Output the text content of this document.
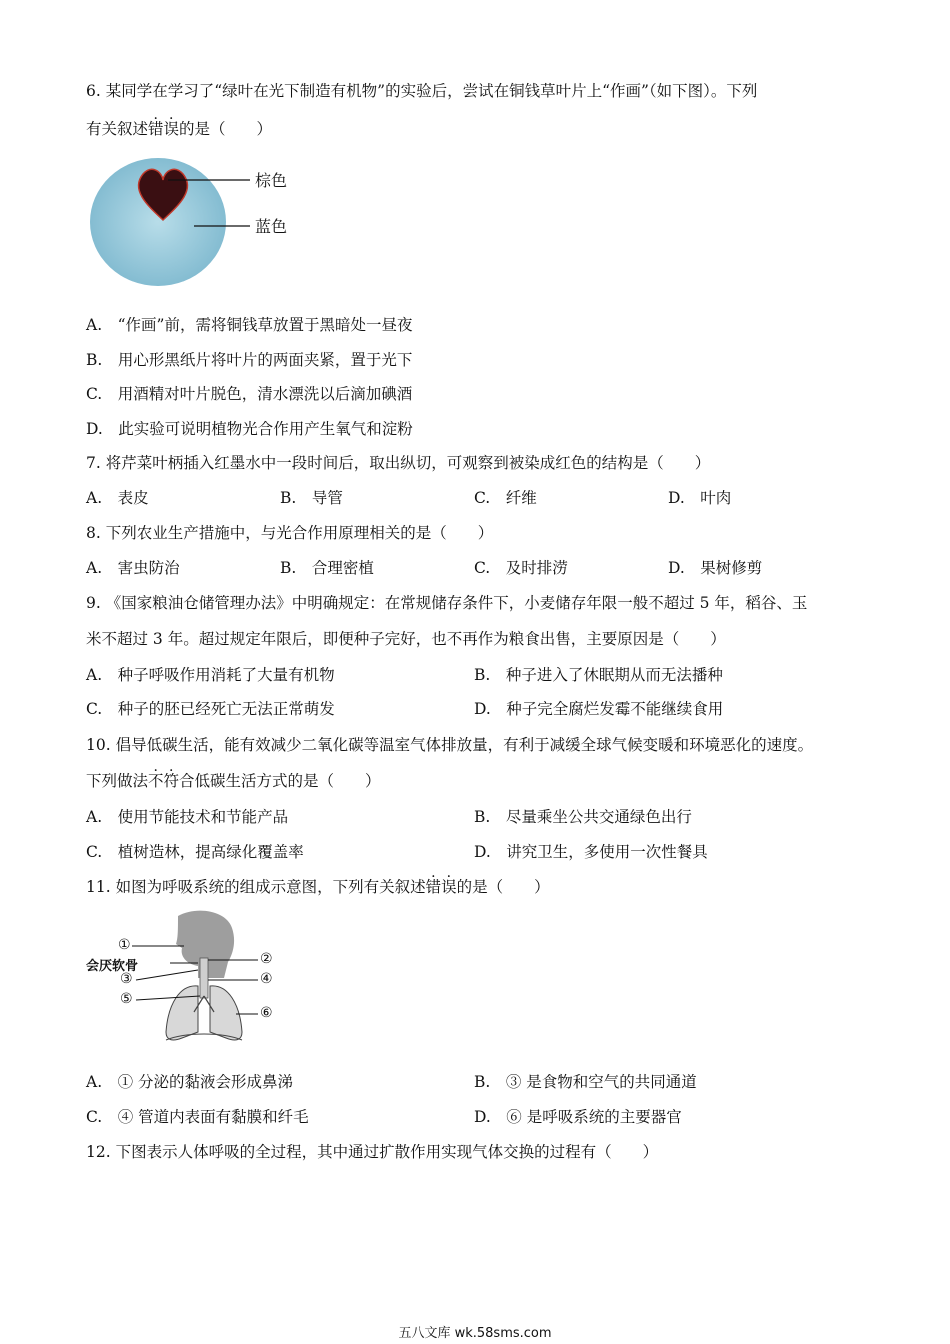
6. 某同学在学习了“绿叶在光下制造有机物”的实验后，尝试在铜钱草叶片上“作画”（如下图）。下列
有关叙述错误的是（　　）
棕色
蓝色
A.　“作画”前，需将铜钱草放置于黑暗处一昼夜
B.　用心形黑纸片将叶片的两面夹紧，置于光下
C.　用酒精对叶片脱色，清水漂洗以后滴加碘酒
D.　此实验可说明植物光合作用产生氧气和淀粉
7. 将芹菜叶柄插入红墨水中一段时间后，取出纵切，可观察到被染成红色的结构是（　　）
A.　表皮	B.　导管	C.　纤维	D.　叶肉
8. 下列农业生产措施中，与光合作用原理相关的是（　　）
A.　害虫防治	B.　合理密植	C.　及时排涝	D.　果树修剪
9. 《国家粮油仓储管理办法》中明确规定：在常规储存条件下，小麦储存年限一般不超过 5 年，稻谷、玉
米不超过 3 年。超过规定年限后，即便种子完好，也不再作为粮食出售，主要原因是（　　）
A.　种子呼吸作用消耗了大量有机物	B.　种子进入了休眠期从而无法播种
C.　种子的胚已经死亡无法正常萌发	D.　种子完全腐烂发霉不能继续食用
10. 倡导低碳生活，能有效减少二氧化碳等温室气体排放量，有利于减缓全球气候变暖和环境恶化的速度。
下列做法不符合低碳生活方式的是（　　）
A.　使用节能技术和节能产品	B.　尽量乘坐公共交通绿色出行
C.　植树造林，提高绿化覆盖率	D.　讲究卫生，多使用一次性餐具
11. 如图为呼吸系统的组成示意图，下列有关叙述错误的是（　　）
①
会厌软骨	②
③	④
⑤
⑥
A.　① 分泌的黏液会形成鼻涕	B.　③ 是食物和空气的共同通道
C.　④ 管道内表面有黏膜和纤毛	D.　⑥ 是呼吸系统的主要器官
12. 下图表示人体呼吸的全过程，其中通过扩散作用实现气体交换的过程有（　　）
五八文库 wk.58sms.com
